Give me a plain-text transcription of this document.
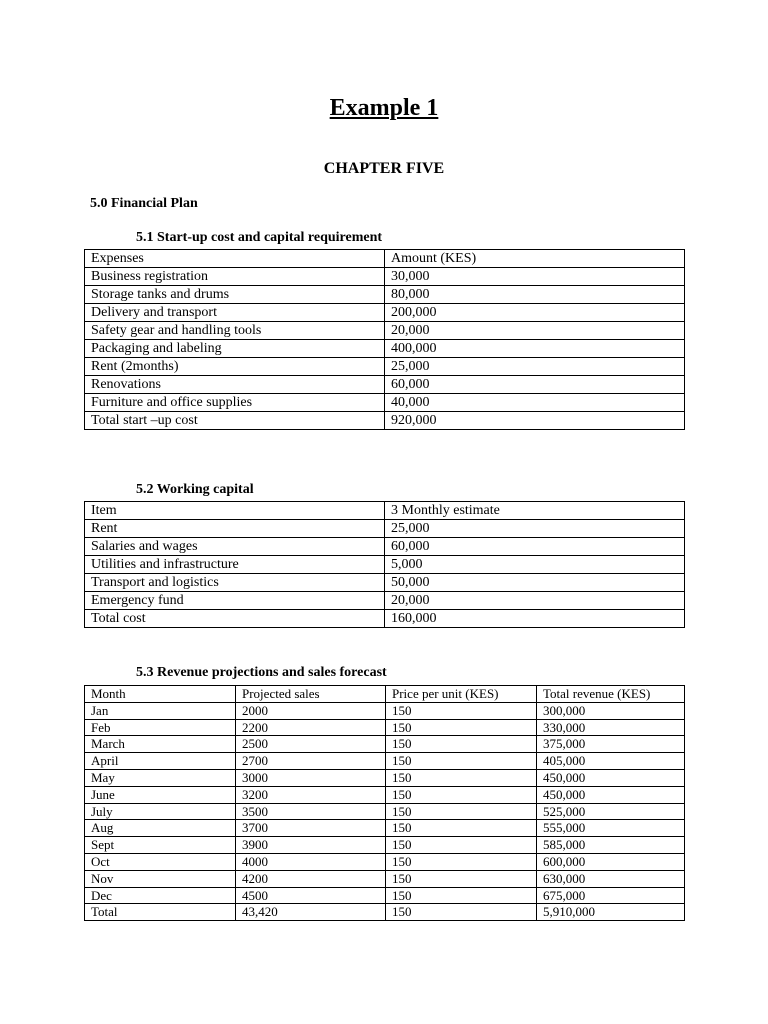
Example 1
CHAPTER FIVE
5.0 Financial Plan
5.1 Start-up cost and capital requirement
Expenses	Amount (KES)
Business registration	30,000
Storage tanks and drums	80,000
Delivery and transport	200,000
Safety gear and handling tools	20,000
Packaging and labeling	400,000
Rent (2months)	25,000
Renovations	60,000
Furniture and office supplies	40,000
Total start –up cost	920,000
5.2 Working capital
Item	3 Monthly estimate
Rent	25,000
Salaries and wages	60,000
Utilities and infrastructure	5,000
Transport and logistics	50,000
Emergency fund	20,000
Total cost	160,000
5.3 Revenue projections and sales forecast
Month	Projected sales	Price per unit (KES)	Total revenue (KES)
Jan	2000	150	300,000
Feb	2200	150	330,000
March	2500	150	375,000
April	2700	150	405,000
May	3000	150	450,000
June	3200	150	450,000
July	3500	150	525,000
Aug	3700	150	555,000
Sept	3900	150	585,000
Oct	4000	150	600,000
Nov	4200	150	630,000
Dec	4500	150	675,000
Total	43,420	150	5,910,000
